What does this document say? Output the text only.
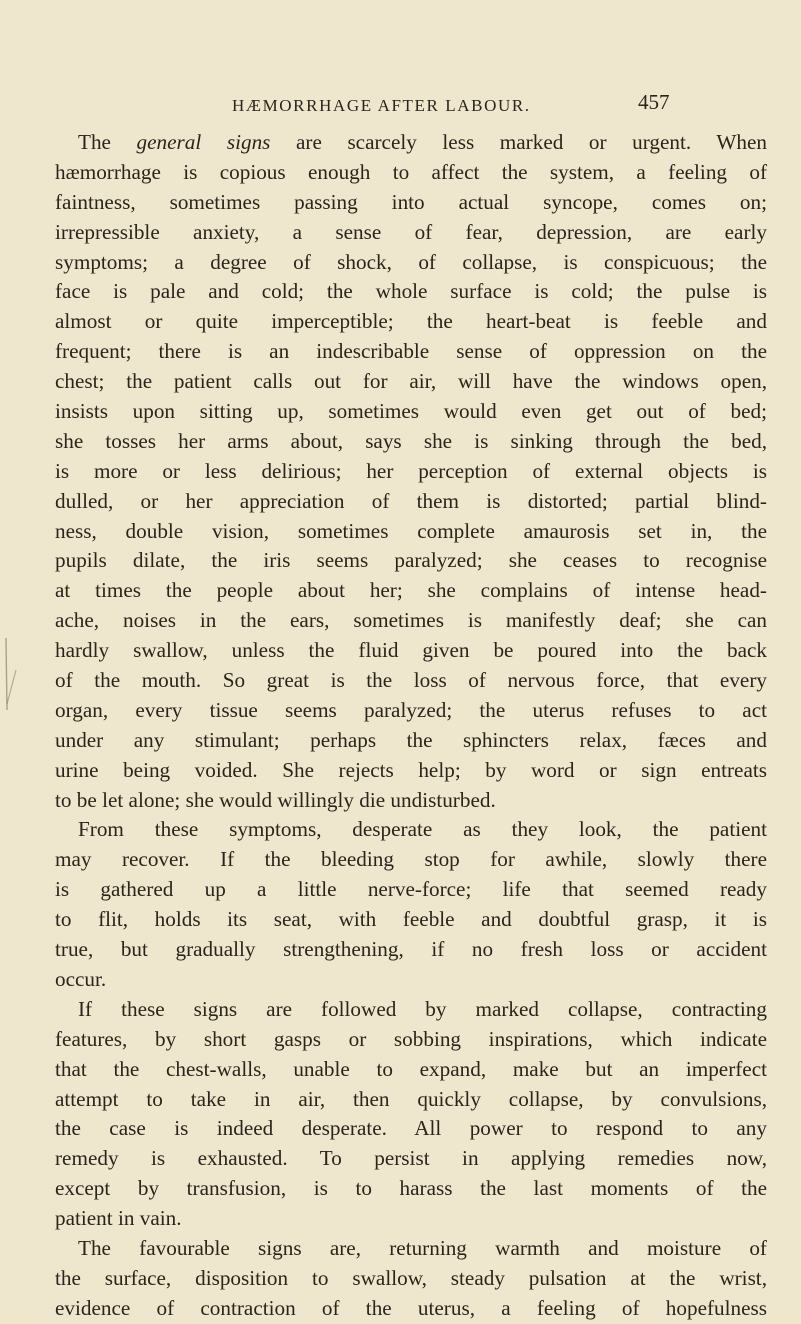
HÆMORRHAGE AFTER LABOUR.	457
The general signs are scarcely less marked or urgent. When
hæmorrhage is copious enough to affect the system, a feeling of
faintness, sometimes passing into actual syncope, comes on;
irrepressible anxiety, a sense of fear, depression, are early
symptoms; a degree of shock, of collapse, is conspicuous; the
face is pale and cold; the whole surface is cold; the pulse is
almost or quite imperceptible; the heart-beat is feeble and
frequent; there is an indescribable sense of oppression on the
chest; the patient calls out for air, will have the windows open,
insists upon sitting up, sometimes would even get out of bed;
she tosses her arms about, says she is sinking through the bed,
is more or less delirious; her perception of external objects is
dulled, or her appreciation of them is distorted; partial blind-
ness, double vision, sometimes complete amaurosis set in, the
pupils dilate, the iris seems paralyzed; she ceases to recognise
at times the people about her; she complains of intense head-
ache, noises in the ears, sometimes is manifestly deaf; she can
hardly swallow, unless the fluid given be poured into the back
of the mouth. So great is the loss of nervous force, that every
organ, every tissue seems paralyzed; the uterus refuses to act
under any stimulant; perhaps the sphincters relax, fæces and
urine being voided. She rejects help; by word or sign entreats
to be let alone; she would willingly die undisturbed.
From these symptoms, desperate as they look, the patient
may recover. If the bleeding stop for awhile, slowly there
is gathered up a little nerve-force; life that seemed ready
to flit, holds its seat, with feeble and doubtful grasp, it is
true, but gradually strengthening, if no fresh loss or accident
occur.
If these signs are followed by marked collapse, contracting
features, by short gasps or sobbing inspirations, which indicate
that the chest-walls, unable to expand, make but an imperfect
attempt to take in air, then quickly collapse, by convulsions,
the case is indeed desperate. All power to respond to any
remedy is exhausted. To persist in applying remedies now,
except by transfusion, is to harass the last moments of the
patient in vain.
The favourable signs are, returning warmth and moisture of
the surface, disposition to swallow, steady pulsation at the wrist,
evidence of contraction of the uterus, a feeling of hopefulness
